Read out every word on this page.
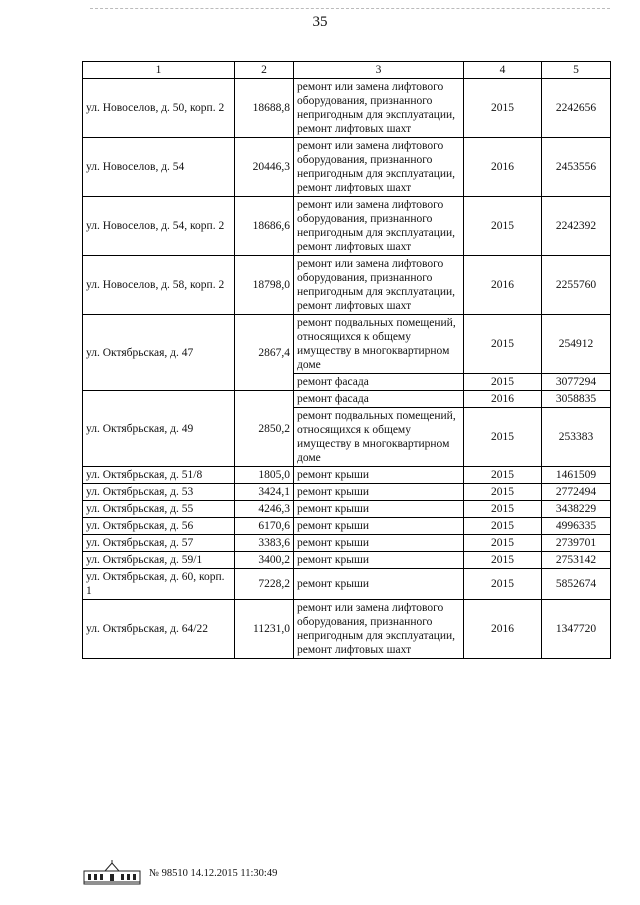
35
1	2	3	4	5
ул. Новоселов, д. 50, корп. 2	18688,8	ремонт или замена лифтового оборудования, признанного непригодным для эксплуатации, ремонт лифтовых шахт	2015	2242656
ул. Новоселов, д. 54	20446,3	ремонт или замена лифтового оборудования, признанного непригодным для эксплуатации, ремонт лифтовых шахт	2016	2453556
ул. Новоселов, д. 54, корп. 2	18686,6	ремонт или замена лифтового оборудования, признанного непригодным для эксплуатации, ремонт лифтовых шахт	2015	2242392
ул. Новоселов, д. 58, корп. 2	18798,0	ремонт или замена лифтового оборудования, признанного непригодным для эксплуатации, ремонт лифтовых шахт	2016	2255760
ул. Октябрьская, д. 47	2867,4	ремонт подвальных помещений, относящихся к общему имуществу в многоквартирном доме	2015	254912
		ремонт фасада	2015	3077294
ул. Октябрьская, д. 49	2850,2	ремонт фасада	2016	3058835
		ремонт подвальных помещений, относящихся к общему имуществу в многоквартирном доме	2015	253383
ул. Октябрьская, д. 51/8	1805,0	ремонт крыши	2015	1461509
ул. Октябрьская, д. 53	3424,1	ремонт крыши	2015	2772494
ул. Октябрьская, д. 55	4246,3	ремонт крыши	2015	3438229
ул. Октябрьская, д. 56	6170,6	ремонт крыши	2015	4996335
ул. Октябрьская, д. 57	3383,6	ремонт крыши	2015	2739701
ул. Октябрьская, д. 59/1	3400,2	ремонт крыши	2015	2753142
ул. Октябрьская, д. 60, корп. 1	7228,2	ремонт крыши	2015	5852674
ул. Октябрьская, д. 64/22	11231,0	ремонт или замена лифтового оборудования, признанного непригодным для эксплуатации, ремонт лифтовых шахт	2016	1347720
№ 98510 14.12.2015 11:30:49
